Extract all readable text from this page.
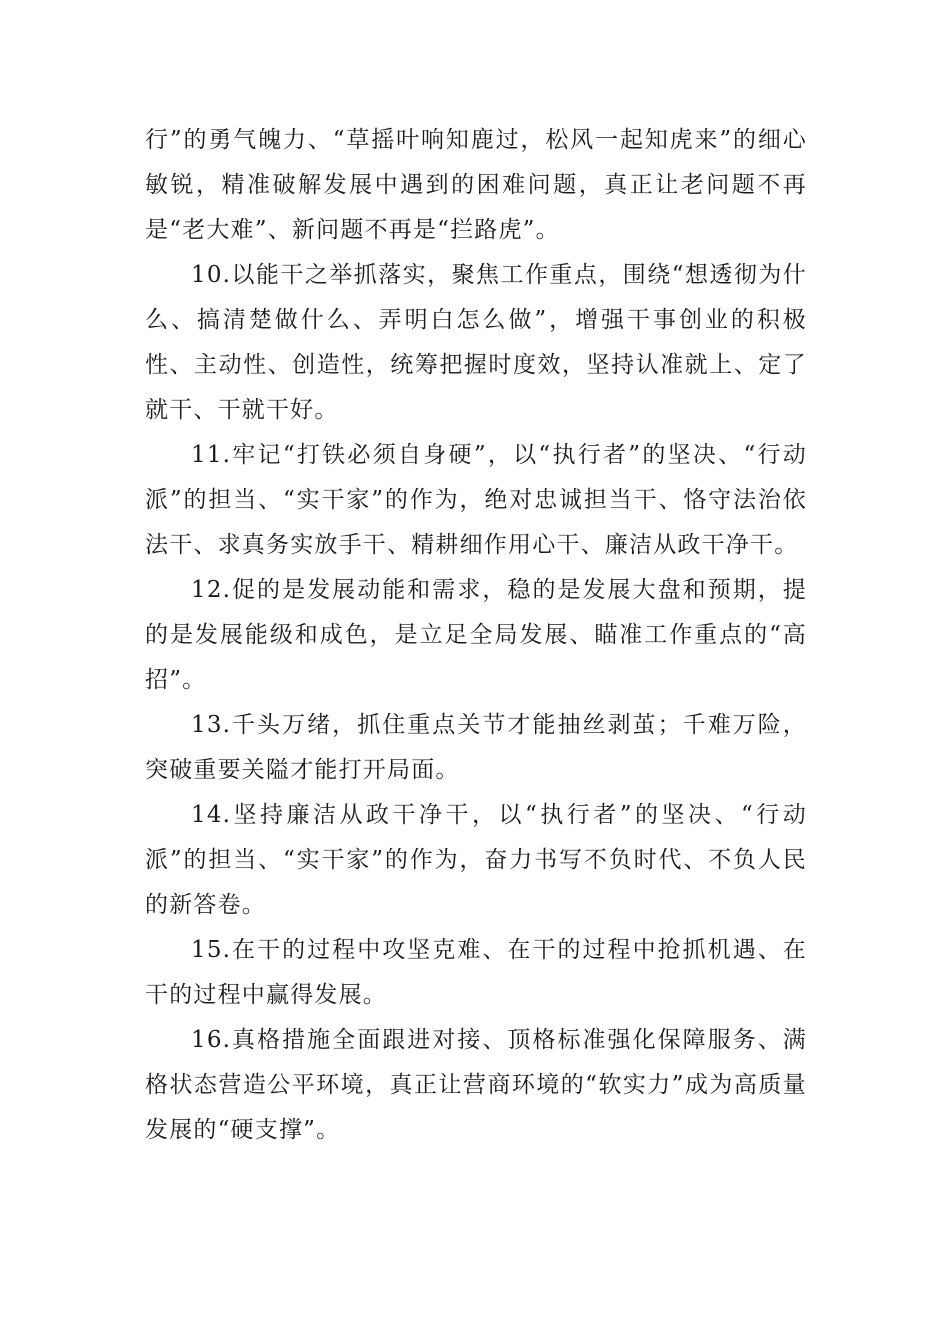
行”的勇气魄力、“草摇叶响知鹿过，松风一起知虎来”的细心敏锐，精准破解发展中遇到的困难问题，真正让老问题不再是“老大难”、新问题不再是“拦路虎”。

10.以能干之举抓落实，聚焦工作重点，围绕“想透彻为什么、搞清楚做什么、弄明白怎么做”，增强干事创业的积极性、主动性、创造性，统筹把握时度效，坚持认准就上、定了就干、干就干好。

11.牢记“打铁必须自身硬”，以“执行者”的坚决、“行动派”的担当、“实干家”的作为，绝对忠诚担当干、恪守法治依法干、求真务实放手干、精耕细作用心干、廉洁从政干净干。

12.促的是发展动能和需求，稳的是发展大盘和预期，提的是发展能级和成色，是立足全局发展、瞄准工作重点的“高招”。

13.千头万绪，抓住重点关节才能抽丝剥茧；千难万险，突破重要关隘才能打开局面。

14.坚持廉洁从政干净干，以“执行者”的坚决、“行动派”的担当、“实干家”的作为，奋力书写不负时代、不负人民的新答卷。

15.在干的过程中攻坚克难、在干的过程中抢抓机遇、在干的过程中赢得发展。

16.真格措施全面跟进对接、顶格标准强化保障服务、满格状态营造公平环境，真正让营商环境的“软实力”成为高质量发展的“硬支撑”。
